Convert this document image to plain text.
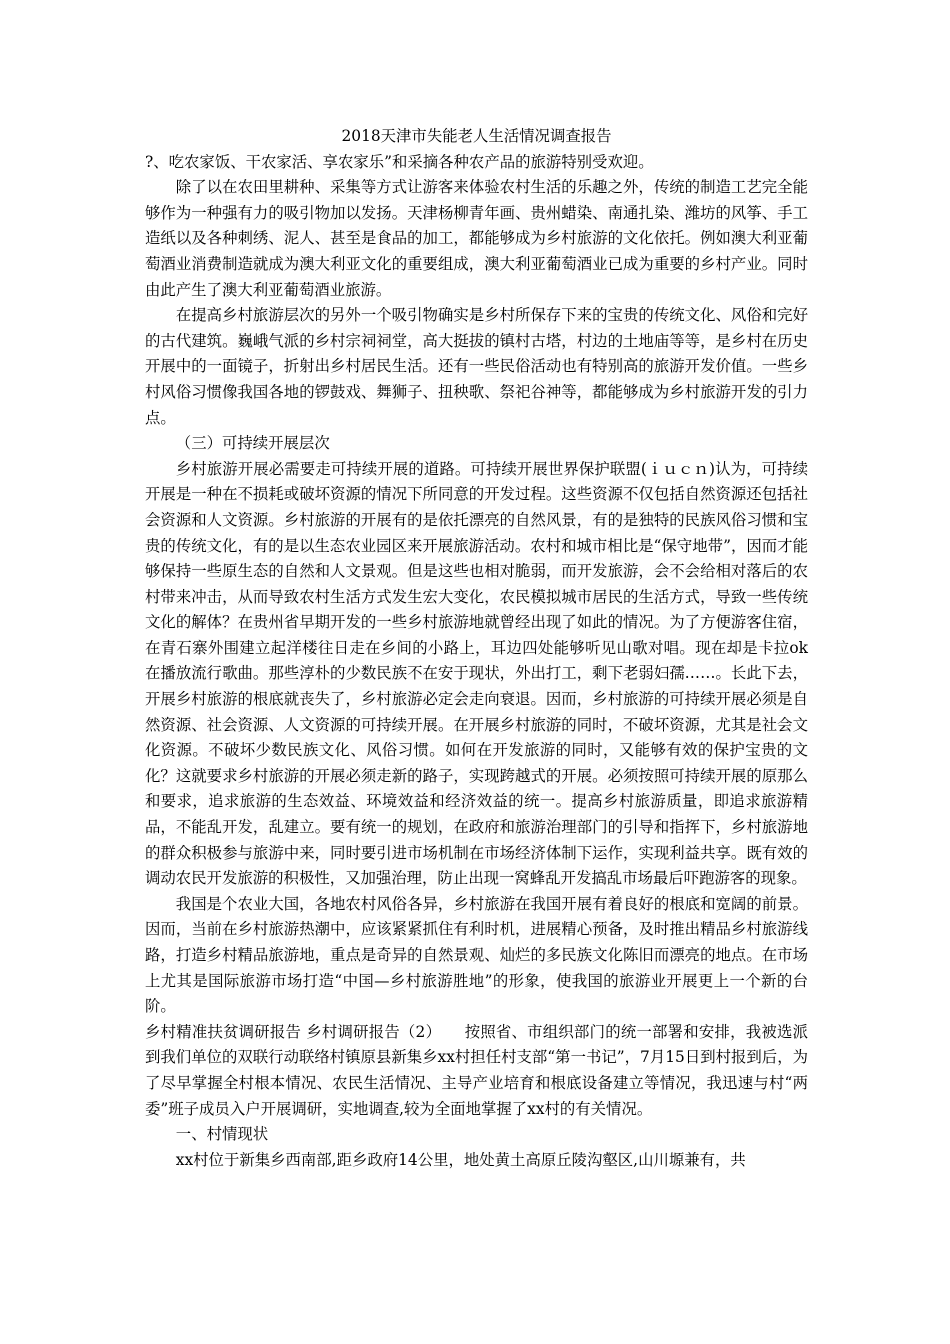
2018天津市失能老人生活情况调查报告

?、吃农家饭、干农家活、享农家乐”和采摘各种农产品的旅游特别受欢迎。

除了以在农田里耕种、采集等方式让游客来体验农村生活的乐趣之外，传统的制造工艺完全能够作为一种强有力的吸引物加以发扬。天津杨柳青年画、贵州蜡染、南通扎染、潍坊的风筝、手工造纸以及各种刺绣、泥人、甚至是食品的加工，都能够成为乡村旅游的文化依托。例如澳大利亚葡萄酒业消费制造就成为澳大利亚文化的重要组成，澳大利亚葡萄酒业已成为重要的乡村产业。同时由此产生了澳大利亚葡萄酒业旅游。

在提高乡村旅游层次的另外一个吸引物确实是乡村所保存下来的宝贵的传统文化、风俗和完好的古代建筑。巍峨气派的乡村宗祠祠堂，高大挺拔的镇村古塔，村边的土地庙等等，是乡村在历史开展中的一面镜子，折射出乡村居民生活。还有一些民俗活动也有特别高的旅游开发价值。一些乡村风俗习惯像我国各地的锣鼓戏、舞狮子、扭秧歌、祭祀谷神等，都能够成为乡村旅游开发的引力点。

（三）可持续开展层次

乡村旅游开展必需要走可持续开展的道路。可持续开展世界保护联盟(ｉｕｃｎ)认为，可持续开展是一种在不损耗或破坏资源的情况下所同意的开发过程。这些资源不仅包括自然资源还包括社会资源和人文资源。乡村旅游的开展有的是依托漂亮的自然风景，有的是独特的民族风俗习惯和宝贵的传统文化，有的是以生态农业园区来开展旅游活动。农村和城市相比是“保守地带”，因而才能够保持一些原生态的自然和人文景观。但是这些也相对脆弱，而开发旅游，会不会给相对落后的农村带来冲击，从而导致农村生活方式发生宏大变化，农民模拟城市居民的生活方式，导致一些传统文化的解体？在贵州省早期开发的一些乡村旅游地就曾经出现了如此的情况。为了方便游客住宿，在青石寨外围建立起洋楼往日走在乡间的小路上，耳边四处能够听见山歌对唱。现在却是卡拉ok在播放流行歌曲。那些淳朴的少数民族不在安于现状，外出打工，剩下老弱妇孺……。长此下去，开展乡村旅游的根底就丧失了，乡村旅游必定会走向衰退。因而，乡村旅游的可持续开展必须是自然资源、社会资源、人文资源的可持续开展。在开展乡村旅游的同时，不破坏资源，尤其是社会文化资源。不破坏少数民族文化、风俗习惯。如何在开发旅游的同时，又能够有效的保护宝贵的文化？这就要求乡村旅游的开展必须走新的路子，实现跨越式的开展。必须按照可持续开展的原那么和要求，追求旅游的生态效益、环境效益和经济效益的统一。提高乡村旅游质量，即追求旅游精品，不能乱开发，乱建立。要有统一的规划，在政府和旅游治理部门的引导和指挥下，乡村旅游地的群众积极参与旅游中来，同时要引进市场机制在市场经济体制下运作，实现利益共享。既有效的调动农民开发旅游的积极性，又加强治理，防止出现一窝蜂乱开发搞乱市场最后吓跑游客的现象。

我国是个农业大国，各地农村风俗各异，乡村旅游在我国开展有着良好的根底和宽阔的前景。因而，当前在乡村旅游热潮中，应该紧紧抓住有利时机，进展精心预备，及时推出精品乡村旅游线路，打造乡村精品旅游地，重点是奇异的自然景观、灿烂的多民族文化陈旧而漂亮的地点。在市场上尤其是国际旅游市场打造“中国—乡村旅游胜地”的形象，使我国的旅游业开展更上一个新的台阶。

乡村精准扶贫调研报告 乡村调研报告（2）　　按照省、市组织部门的统一部署和安排，我被选派到我们单位的双联行动联络村镇原县新集乡xx村担任村支部“第一书记”，7月15日到村报到后，为了尽早掌握全村根本情况、农民生活情况、主导产业培育和根底设备建立等情况，我迅速与村“两委”班子成员入户开展调研，实地调查,较为全面地掌握了xx村的有关情况。

一、村情现状

xx村位于新集乡西南部,距乡政府14公里，地处黄土高原丘陵沟壑区,山川塬兼有，共
